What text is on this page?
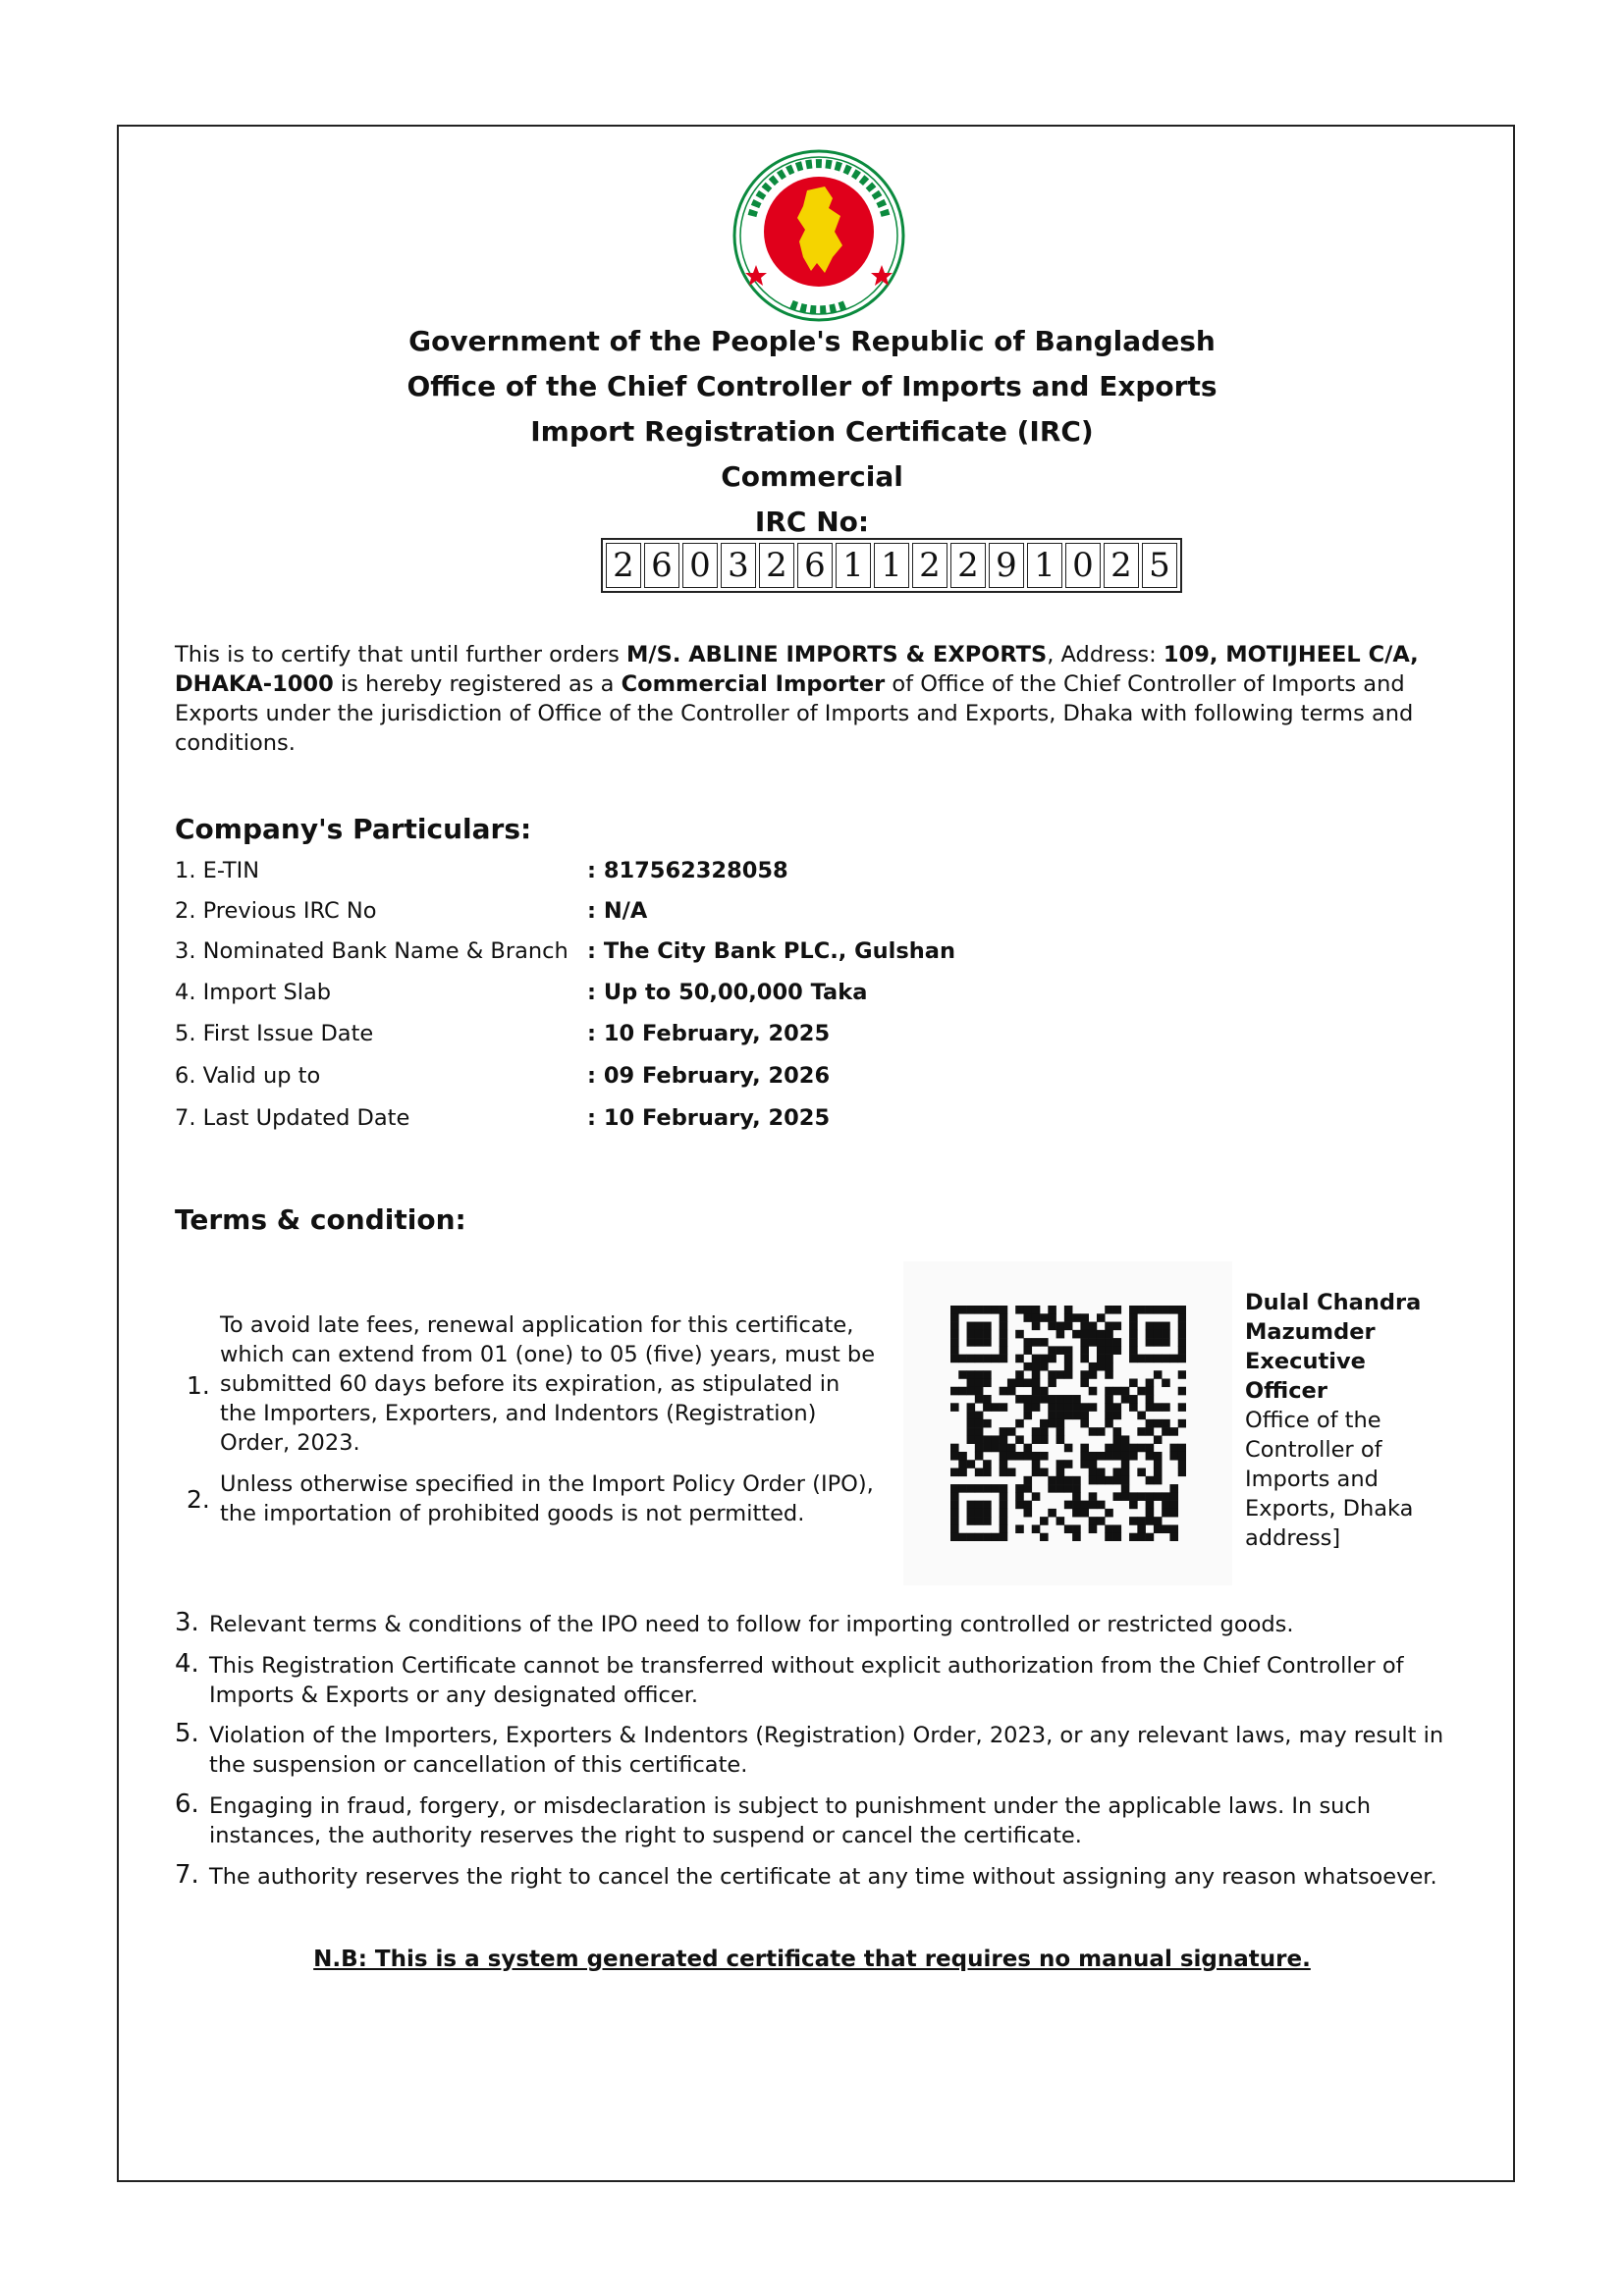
Government of the People's Republic of Bangladesh
Office of the Chief Controller of Imports and Exports
Import Registration Certificate (IRC)
Commercial
IRC No:
2 6 0 3 2 6 1 1 2 2 9 1 0 2 5
This is to certify that until further orders M/S. ABLINE IMPORTS & EXPORTS, Address: 109, MOTIJHEEL C/A,
DHAKA-1000 is hereby registered as a Commercial Importer of Office of the Chief Controller of Imports and
Exports under the jurisdiction of Office of the Controller of Imports and Exports, Dhaka with following terms and
conditions.
Company's Particulars:
1. E-TIN	: 817562328058
2. Previous IRC No	: N/A
3. Nominated Bank Name & Branch : The City Bank PLC., Gulshan
4. Import Slab	: Up to 50,00,000 Taka
5. First Issue Date	: 10 February, 2025
6. Valid up to	: 09 February, 2026
7. Last Updated Date	: 10 February, 2025
Terms & condition:
1.
To avoid late fees, renewal application for this certificate,
which can extend from 01 (one) to 05 (five) years, must be
submitted 60 days before its expiration, as stipulated in
the Importers, Exporters, and Indentors (Registration)
Order, 2023.
2.
Unless otherwise specified in the Import Policy Order (IPO),
the importation of prohibited goods is not permitted.
Dulal Chandra
Mazumder
Executive
Officer
Office of the
Controller of
Imports and
Exports, Dhaka
address]
3. Relevant terms & conditions of the IPO need to follow for importing controlled or restricted goods.
4. This Registration Certificate cannot be transferred without explicit authorization from the Chief Controller of
Imports & Exports or any designated officer.
5. Violation of the Importers, Exporters & Indentors (Registration) Order, 2023, or any relevant laws, may result in
the suspension or cancellation of this certificate.
6. Engaging in fraud, forgery, or misdeclaration is subject to punishment under the applicable laws. In such
instances, the authority reserves the right to suspend or cancel the certificate.
7. The authority reserves the right to cancel the certificate at any time without assigning any reason whatsoever.
N.B: This is a system generated certificate that requires no manual signature.
